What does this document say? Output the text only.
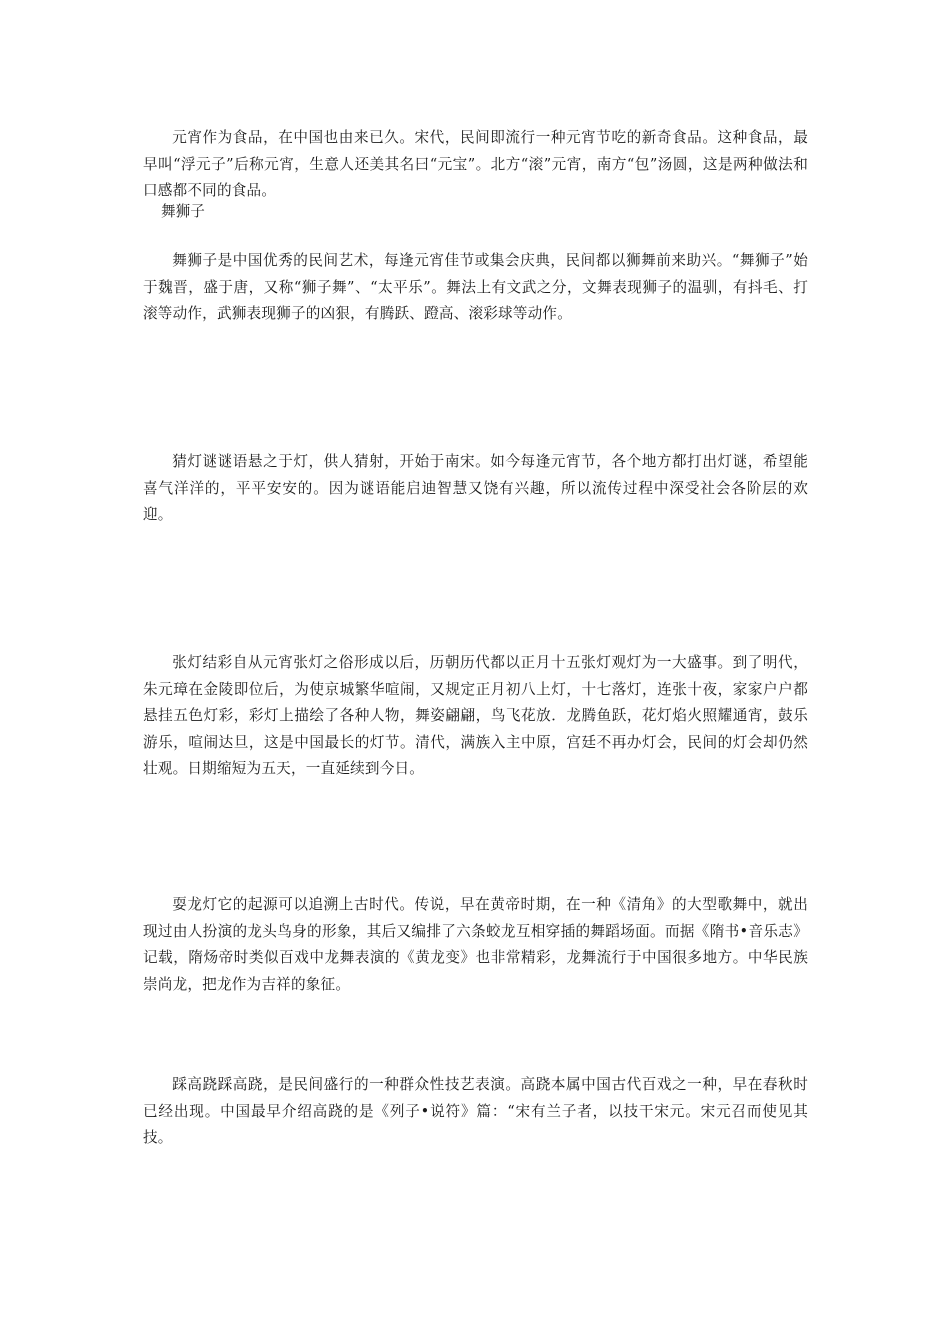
元宵作为食品，在中国也由来已久。宋代，民间即流行一种元宵节吃的新奇食品。这种食品，最早叫“浮元子”后称元宵，生意人还美其名曰“元宝”。北方“滚”元宵，南方“包”汤圆，这是两种做法和口感都不同的食品。

舞狮子

舞狮子是中国优秀的民间艺术，每逢元宵佳节或集会庆典，民间都以狮舞前来助兴。“舞狮子”始于魏晋，盛于唐，又称“狮子舞”、“太平乐”。舞法上有文武之分，文舞表现狮子的温驯，有抖毛、打滚等动作，武狮表现狮子的凶狠，有腾跃、蹬高、滚彩球等动作。

猜灯谜谜语悬之于灯，供人猜射，开始于南宋。如今每逢元宵节，各个地方都打出灯谜，希望能喜气洋洋的，平平安安的。因为谜语能启迪智慧又饶有兴趣，所以流传过程中深受社会各阶层的欢迎。

张灯结彩自从元宵张灯之俗形成以后，历朝历代都以正月十五张灯观灯为一大盛事。到了明代，朱元璋在金陵即位后，为使京城繁华喧闹，又规定正月初八上灯，十七落灯，连张十夜，家家户户都悬挂五色灯彩，彩灯上描绘了各种人物，舞姿翩翩，鸟飞花放．龙腾鱼跃，花灯焰火照耀通宵，鼓乐游乐，喧闹达旦，这是中国最长的灯节。清代，满族入主中原，宫廷不再办灯会，民间的灯会却仍然壮观。日期缩短为五天，一直延续到今日。

耍龙灯它的起源可以追溯上古时代。传说，早在黄帝时期，在一种《清角》的大型歌舞中，就出现过由人扮演的龙头鸟身的形象，其后又编排了六条蛟龙互相穿插的舞蹈场面。而据《隋书•音乐志》记载，隋炀帝时类似百戏中龙舞表演的《黄龙变》也非常精彩，龙舞流行于中国很多地方。中华民族崇尚龙，把龙作为吉祥的象征。

踩高跷踩高跷，是民间盛行的一种群众性技艺表演。高跷本属中国古代百戏之一种，早在春秋时已经出现。中国最早介绍高跷的是《列子•说符》篇：“宋有兰子者，以技干宋元。宋元召而使见其技。
